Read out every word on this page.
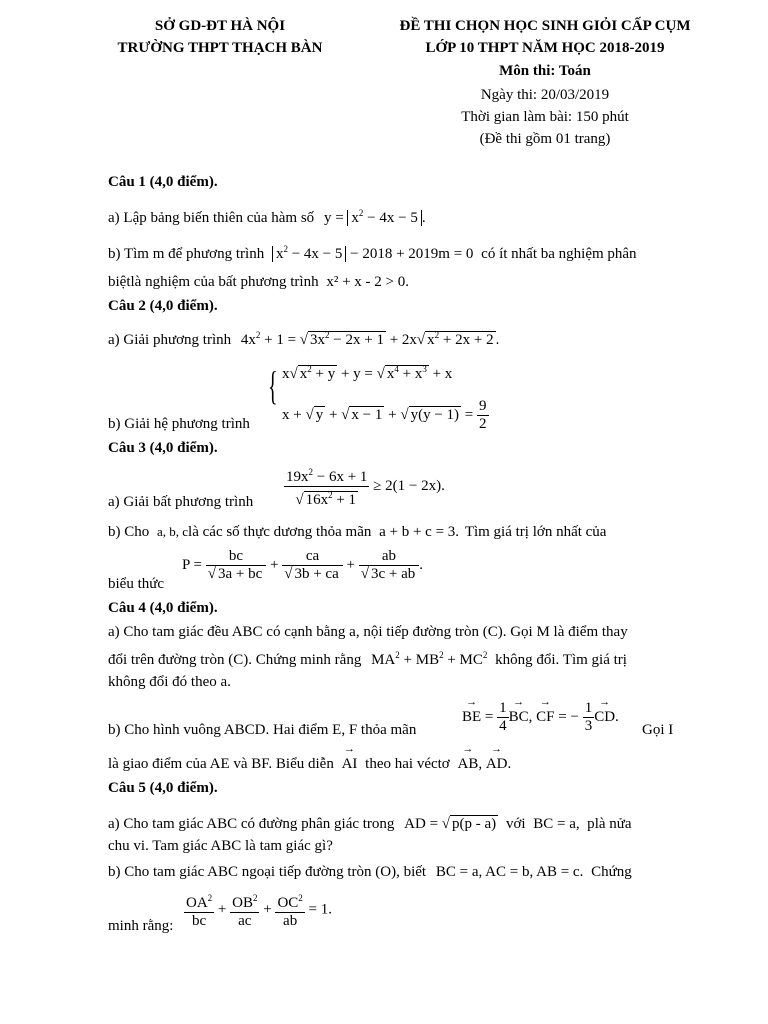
SỞ GD-ĐT HÀ NỘI
TRƯỜNG THPT THẠCH BÀN
ĐỀ THI CHỌN HỌC SINH GIỎI CẤP CỤM
LỚP 10 THPT NĂM HỌC 2018-2019
Môn thi: Toán
Ngày thi: 20/03/2019
Thời gian làm bài: 150 phút
(Đề thi gồm 01 trang)
Câu 1 (4,0 điểm).
a) Lập bảng biến thiên của hàm số $y = x^2 - 4x - 5$ .
b) Tìm m để phương trình $x^2 - 4x - 5 - 2018 + 2019m = 0$ có ít nhất ba nghiệm phân
biệtlà nghiệm của bất phương trình x² + x - 2 > 0.
Câu 2 (4,0 điểm).
a) Giải phương trình $4x^2 + 1$ = √ $3x^2 - 2x + 1 + 2x√$ $x^2 + 2x + 2$ .
b) Giải hệ phương trình
{ x√ $x^2 + y + y$ = √ $x^4 + x^3 + x$
x + √ y + √ x − 1 + √ $y(y - 1) = \frac{9}{2}$
Câu 3 (4,0 điểm).
a) Giải bất phương trình $\frac{19x^2 - 6x + 1}{√ 16x^2 + 1} \ge 2(1 - 2x)$.
b) Cho a, b, clà các số thực dương thỏa mãn a + b + c = 3. Tìm giá trị lớn nhất của
biểu thức
$P = \frac{bc}{√ 3a + bc} + \frac{ca}{√ 3b + ca} + \frac{ab}{√ 3c + ab}$ .
Câu 4 (4,0 điểm).
a) Cho tam giác đều ABC có cạnh bằng a, nội tiếp đường tròn (C). Gọi M là điểm thay
đổi trên đường tròn (C). Chứng minh rằng $MA^2 + MB^2 + MC^2$ không đổi. Tìm giá trị
không đổi đó theo a.
b) Cho hình vuông ABCD. Hai điểm E, F thỏa mãn
→ BE = $\frac{1}{4}$ → BC, → CF = − $\frac{1}{3}$ → CD.
Gọi I
là giao điểm của AE và BF. Biểu diễn → AI theo hai véctơ → AB, → AD.
Câu 5 (4,0 điểm).
a) Cho tam giác ABC có đường phân giác trong AD = √ p(p - a) với BC = a,  plà nửa
chu vi. Tam giác ABC là tam giác gì?
b) Cho tam giác ABC ngoại tiếp đường tròn (O), biết BC = a, AC = b, AB = c. Chứng
minh rằng: $\frac{OA^2}{bc} + \frac{OB^2}{ac} + \frac{OC^2}{ab} = 1$.
